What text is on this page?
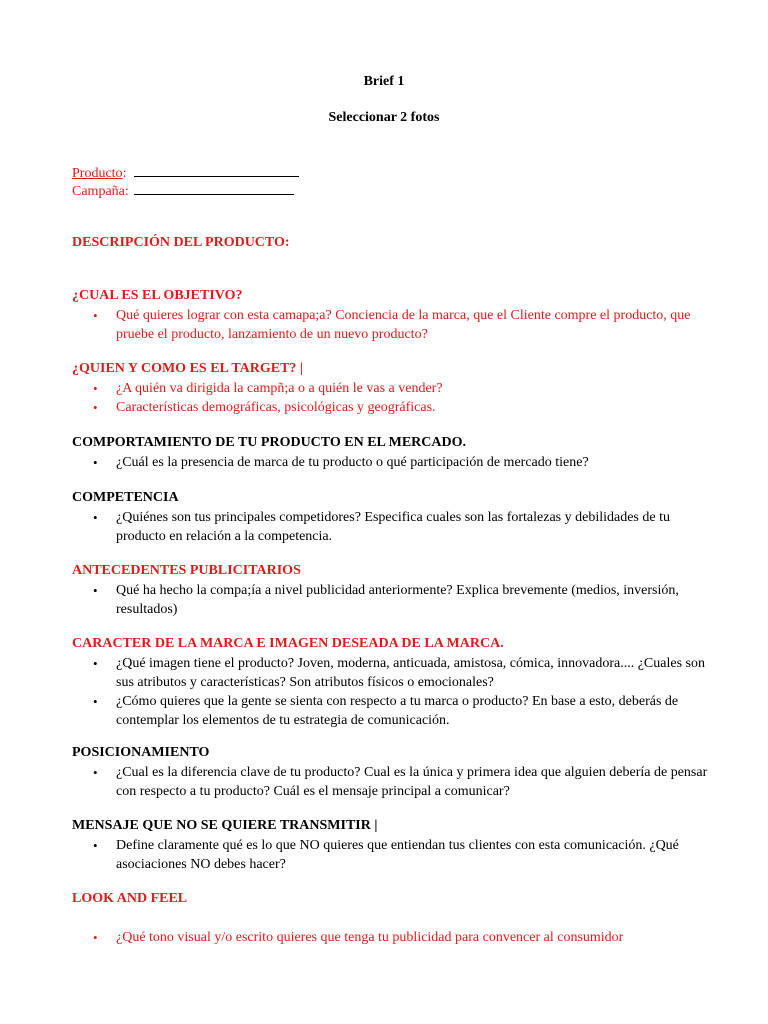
Brief 1
Seleccionar 2 fotos
Producto:
Campaña:
DESCRIPCIÓN DEL PRODUCTO:
¿CUAL ES EL OBJETIVO?
• Qué quieres lograr con esta camapa;a? Conciencia de la marca, que el Cliente compre el producto, que pruebe el producto, lanzamiento de un nuevo producto?
¿QUIEN Y COMO ES EL TARGET? |
• ¿A quién va dirigida la campñ;a o a quién le vas a vender?
• Características demográficas, psicológicas y geográficas.
COMPORTAMIENTO DE TU PRODUCTO EN EL MERCADO.
• ¿Cuál es la presencia de marca de tu producto o qué participación de mercado tiene?
COMPETENCIA
• ¿Quiénes son tus principales competidores? Especifica cuales son las fortalezas y debilidades de tu producto en relación a la competencia.
ANTECEDENTES PUBLICITARIOS
• Qué ha hecho la compa;ía a nivel publicidad anteriormente? Explica brevemente (medios, inversión, resultados)
CARACTER DE LA MARCA E IMAGEN DESEADA DE LA MARCA.
• ¿Qué imagen tiene el producto? Joven, moderna, anticuada, amistosa, cómica, innovadora.... ¿Cuales son sus atributos y características? Son atributos físicos o emocionales?
• ¿Cómo quieres que la gente se sienta con respecto a tu marca o producto? En base a esto, deberás de contemplar los elementos de tu estrategia de comunicación.
POSICIONAMIENTO
• ¿Cual es la diferencia clave de tu producto? Cual es la única y primera idea que alguien debería de pensar con respecto a tu producto? Cuál es el mensaje principal a comunicar?
MENSAJE QUE NO SE QUIERE TRANSMITIR |
• Define claramente qué es lo que NO quieres que entiendan tus clientes con esta comunicación. ¿Qué asociaciones NO debes hacer?
LOOK AND FEEL
• ¿Qué tono visual y/o escrito quieres que tenga tu publicidad para convencer al consumidor
